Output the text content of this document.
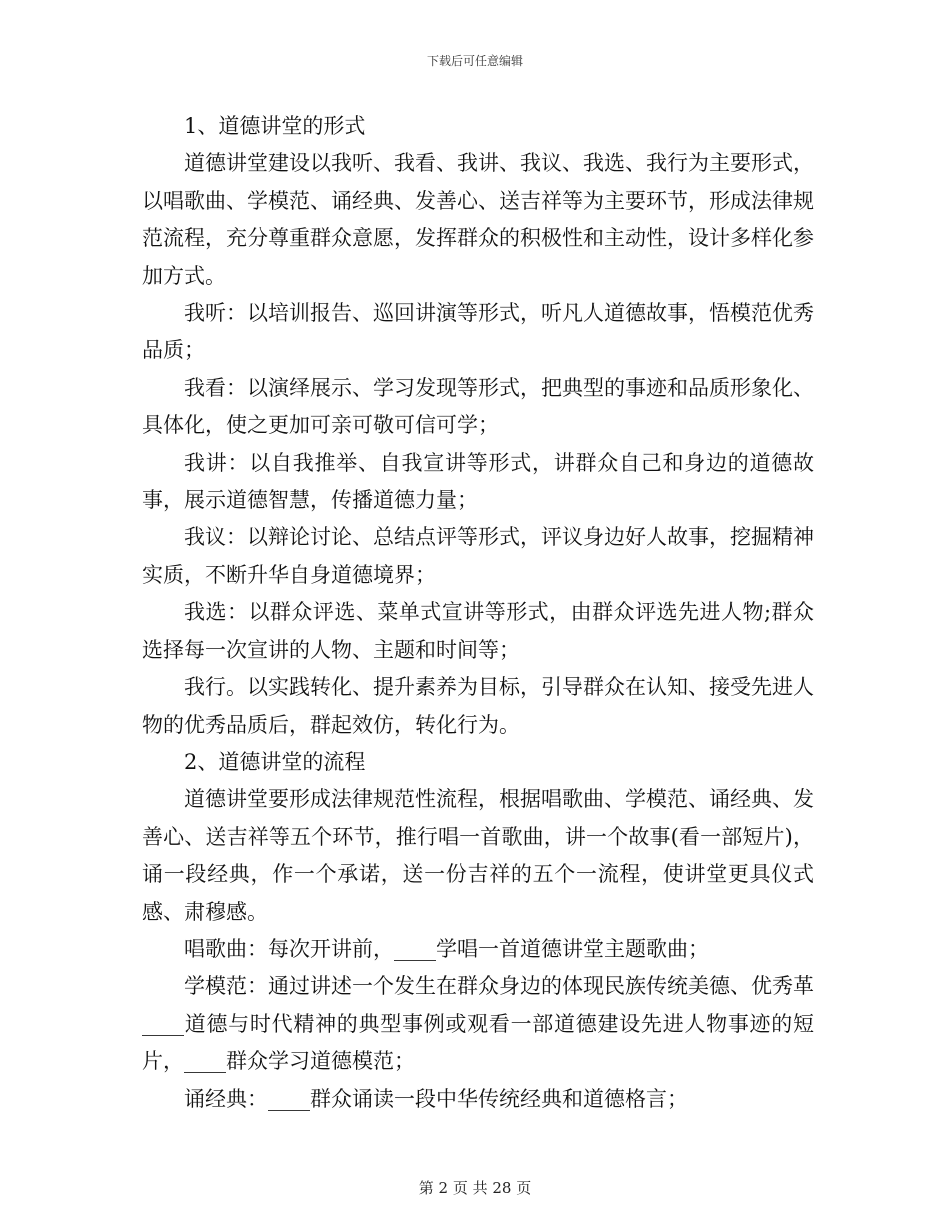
下载后可任意编辑

1、道德讲堂的形式

道德讲堂建设以我听、我看、我讲、我议、我选、我行为主要形式，以唱歌曲、学模范、诵经典、发善心、送吉祥等为主要环节，形成法律规范流程，充分尊重群众意愿，发挥群众的积极性和主动性，设计多样化参加方式。

我听：以培训报告、巡回讲演等形式，听凡人道德故事，悟模范优秀品质；

我看：以演绎展示、学习发现等形式，把典型的事迹和品质形象化、具体化，使之更加可亲可敬可信可学；

我讲：以自我推举、自我宣讲等形式，讲群众自己和身边的道德故事，展示道德智慧，传播道德力量；

我议：以辩论讨论、总结点评等形式，评议身边好人故事，挖掘精神实质，不断升华自身道德境界；

我选：以群众评选、菜单式宣讲等形式，由群众评选先进人物;群众选择每一次宣讲的人物、主题和时间等；

我行。以实践转化、提升素养为目标，引导群众在认知、接受先进人物的优秀品质后，群起效仿，转化行为。

2、道德讲堂的流程

道德讲堂要形成法律规范性流程，根据唱歌曲、学模范、诵经典、发善心、送吉祥等五个环节，推行唱一首歌曲，讲一个故事(看一部短片)，诵一段经典，作一个承诺，送一份吉祥的五个一流程，使讲堂更具仪式感、肃穆感。

唱歌曲：每次开讲前，____学唱一首道德讲堂主题歌曲；

学模范：通过讲述一个发生在群众身边的体现民族传统美德、优秀革____道德与时代精神的典型事例或观看一部道德建设先进人物事迹的短片，____群众学习道德模范；

诵经典：____群众诵读一段中华传统经典和道德格言；

第 2 页 共 28 页
